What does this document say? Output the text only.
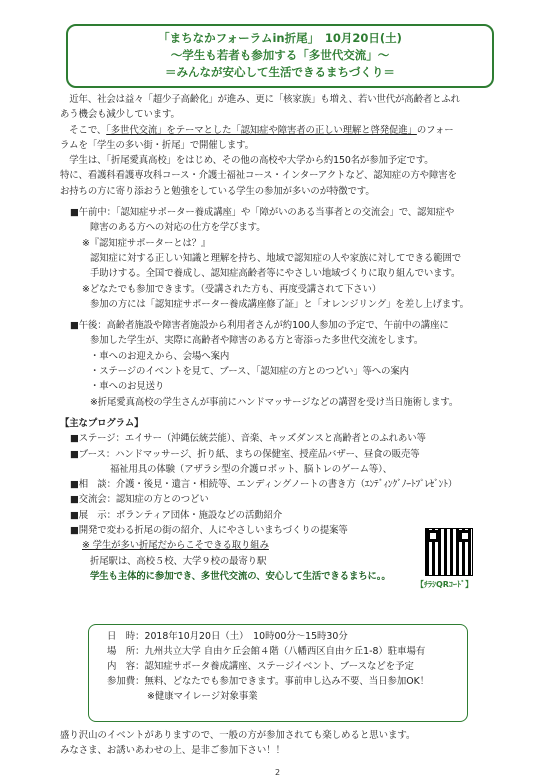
「まちなかフォーラムin折尾」　10月20日(土)
～学生も若者も参加する「多世代交流」～
＝みんなが安心して生活できるまちづくり＝

　近年、社会は益々「超少子高齢化」が進み、更に「核家族」も増え、若い世代が高齢者とふれ

あう機会も減少しています。

　そこで、「多世代交流」をテーマとした「認知症や障害者の正しい理解と啓発促進」のフォー

ラムを「学生の多い街・折尾」で開催します。

　学生は、「折尾愛真高校」をはじめ、その他の高校や大学から約150名が参加予定です。

特に、看護科看護専攻科コース・介護士福祉コース・インターアクトなど、認知症の方や障害を

お持ちの方に寄り添おうと勉強をしている学生の参加が多いのが特徴です。

■午前中：「認知症サポーター養成講座」や「障がいのある当事者との交流会」で、認知症や

障害のある方への対応の仕方を学びます。

※『認知症サポーターとは？』

認知症に対する正しい知識と理解を持ち、地域で認知症の人や家族に対してできる範囲で

手助けする。全国で養成し、認知症高齢者等にやさしい地域づくりに取り組んでいます。

※どなたでも参加できます。（受講された方も、再度受講されて下さい）

参加の方には「認知症サポーター養成講座修了証」と「オレンジリング」を差し上げます。

■午後：高齢者施設や障害者施設から利用者さんが約100人参加の予定で、午前中の講座に

参加した学生が、実際に高齢者や障害のある方と寄添った多世代交流をします。

・車へのお迎えから、会場へ案内

・ステージのイベントを見て、ブース、「認知症の方とのつどい」等への案内

・車へのお見送り

※折尾愛真高校の学生さんが事前にハンドマッサージなどの講習を受け当日施術します。

【主なプログラム】

■ステージ：エイサー（沖縄伝統芸能）、音楽、キッズダンスと高齢者とのふれあい等

■ブース：ハンドマッサージ、折り紙、まちの保健室、授産品バザー、昼食の販売等

福祉用具の体験（アザラシ型の介護ロボット、脳トレのゲーム等）、

■相　談：介護・後見・遺言・相続等、エンディングノートの書き方（ｴﾝﾃﾞｨﾝｸﾞﾉｰﾄﾌﾟﾚｾﾞﾝﾄ）

■交流会：認知症の方とのつどい

■展　示：ボランティア団体・施設などの活動紹介

■開発で変わる折尾の街の紹介、人にやさしいまちづくりの提案等

※ 学生が多い折尾だからこそできる取り組み

折尾駅は、高校５校、大学９校の最寄り駅

学生も主体的に参加でき、多世代交流の、安心して生活できるまちに。。

【ﾁﾗｼQRｺｰﾄﾞ】
日　時：2018年10月20日（土）　10時00分～15時30分
場　所：九州共立大学 自由ケ丘会館４階（八幡西区自由ケ丘1-8）駐車場有
内　容：認知症サポータ養成講座、ステージイベント、ブースなどを予定
参加費：無料、どなたでも参加できます。事前申し込み不要、当日参加OK！
※健康マイレージ対象事業

盛り沢山のイベントがありますので、一般の方が参加されても楽しめると思います。

みなさま、お誘いあわせの上、是非ご参加下さい！！

2
